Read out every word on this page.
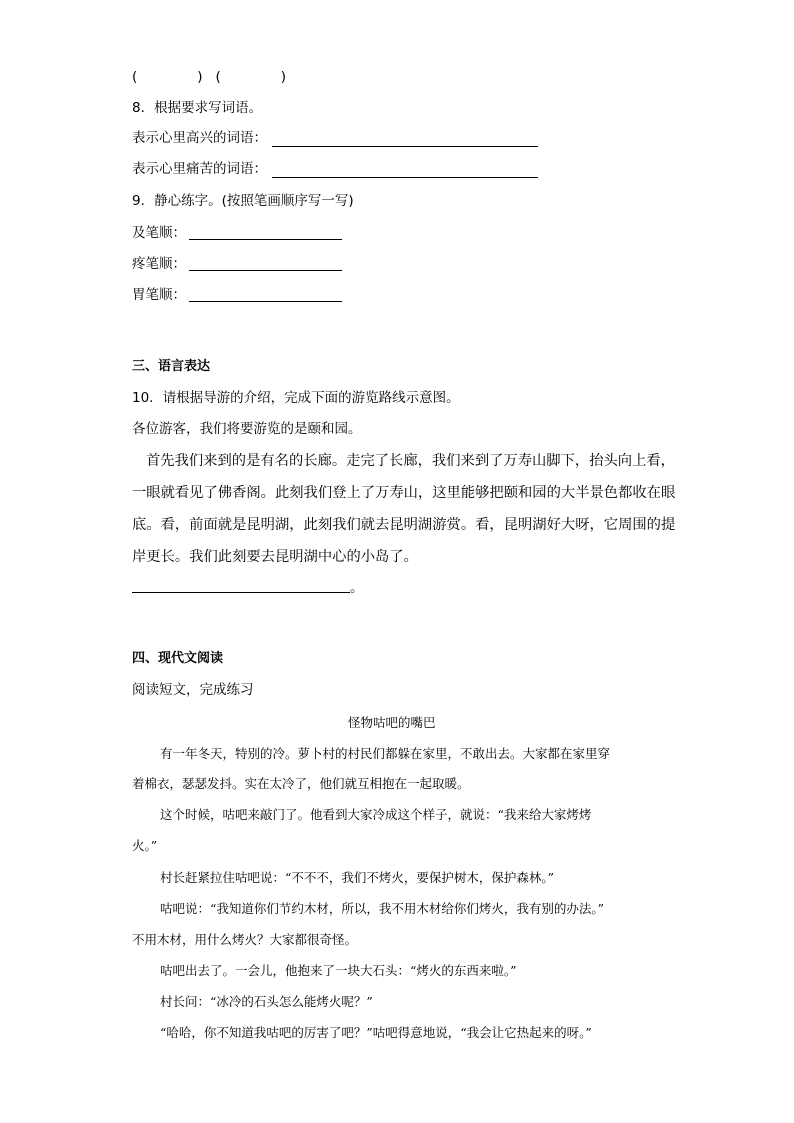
(	) (	)
8．根据要求写词语。
表示心里高兴的词语：
表示心里痛苦的词语：
9．静心练字。(按照笔画顺序写一写)
及笔顺：
疼笔顺：
胃笔顺：
三、语言表达
10．请根据导游的介绍，完成下面的游览路线示意图。
各位游客，我们将要游览的是颐和园。
首先我们来到的是有名的长廊。走完了长廊，我们来到了万寿山脚下，抬头向上看，
一眼就看见了佛香阁。此刻我们登上了万寿山，这里能够把颐和园的大半景色都收在眼
底。看，前面就是昆明湖，此刻我们就去昆明湖游赏。看，昆明湖好大呀，它周围的提
岸更长。我们此刻要去昆明湖中心的小岛了。
。
四、现代文阅读
阅读短文，完成练习
怪物咕吧的嘴巴
有一年冬天，特别的冷。萝卜村的村民们都躲在家里，不敢出去。大家都在家里穿
着棉衣，瑟瑟发抖。实在太冷了，他们就互相抱在一起取暖。
这个时候，咕吧来敲门了。他看到大家冷成这个样子，就说：“我来给大家烤烤
火。”
村长赶紧拉住咕吧说：“不不不，我们不烤火，要保护树木，保护森林。”
咕吧说：“我知道你们节约木材，所以，我不用木材给你们烤火，我有别的办法。”
不用木材，用什么烤火？大家都很奇怪。
咕吧出去了。一会儿，他抱来了一块大石头：“烤火的东西来啦。”
村长问：“冰冷的石头怎么能烤火呢？”
“哈哈，你不知道我咕吧的厉害了吧？”咕吧得意地说，“我会让它热起来的呀。”
